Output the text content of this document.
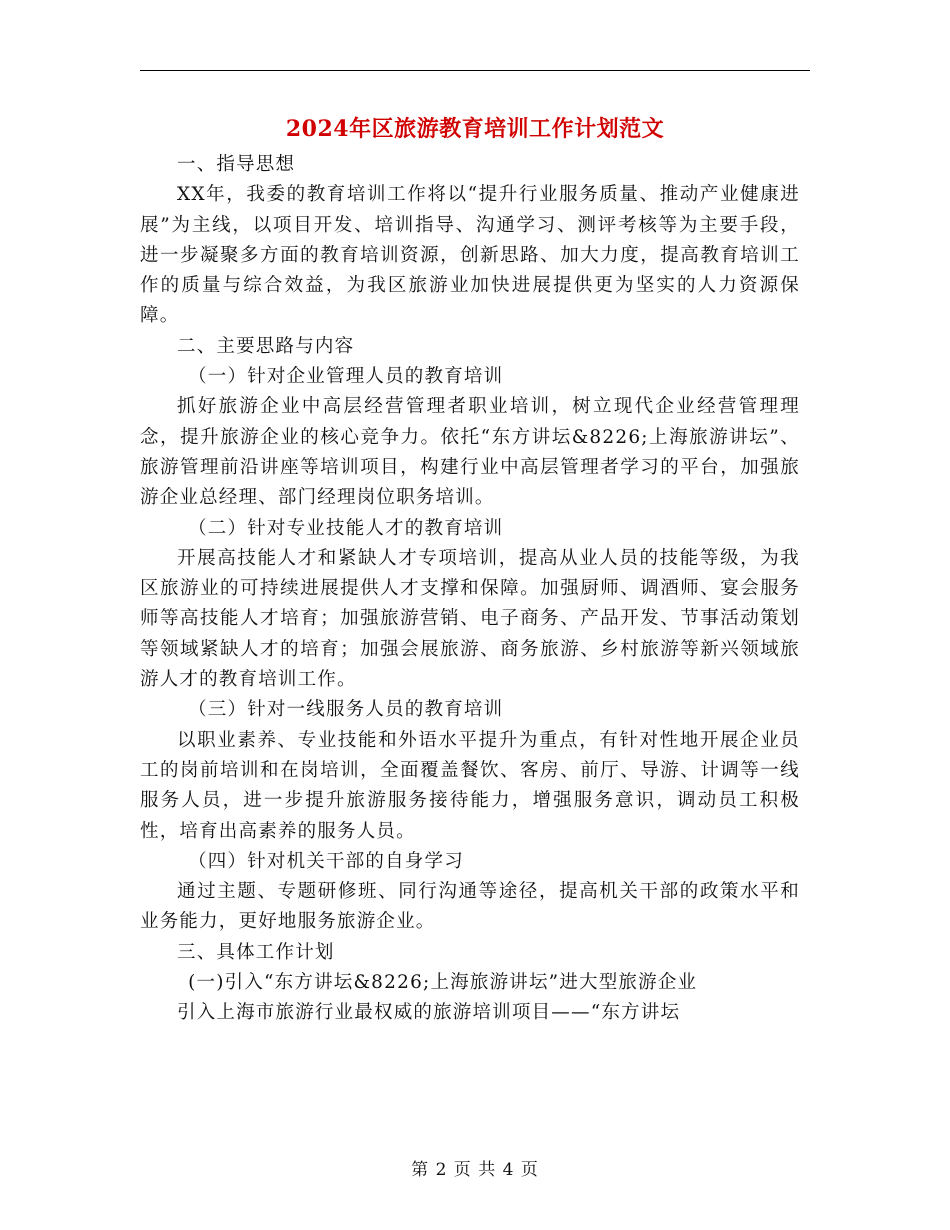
2024年区旅游教育培训工作计划范文

一、指导思想

XX年，我委的教育培训工作将以“提升行业服务质量、推动产业健康进展”为主线，以项目开发、培训指导、沟通学习、测评考核等为主要手段，进一步凝聚多方面的教育培训资源，创新思路、加大力度，提高教育培训工作的质量与综合效益，为我区旅游业加快进展提供更为坚实的人力资源保障。

二、主要思路与内容

（一）针对企业管理人员的教育培训

抓好旅游企业中高层经营管理者职业培训，树立现代企业经营管理理念，提升旅游企业的核心竞争力。依托“东方讲坛&8226;上海旅游讲坛”、旅游管理前沿讲座等培训项目，构建行业中高层管理者学习的平台，加强旅游企业总经理、部门经理岗位职务培训。

（二）针对专业技能人才的教育培训

开展高技能人才和紧缺人才专项培训，提高从业人员的技能等级，为我区旅游业的可持续进展提供人才支撑和保障。加强厨师、调酒师、宴会服务师等高技能人才培育；加强旅游营销、电子商务、产品开发、节事活动策划等领域紧缺人才的培育；加强会展旅游、商务旅游、乡村旅游等新兴领域旅游人才的教育培训工作。

（三）针对一线服务人员的教育培训

以职业素养、专业技能和外语水平提升为重点，有针对性地开展企业员工的岗前培训和在岗培训，全面覆盖餐饮、客房、前厅、导游、计调等一线服务人员，进一步提升旅游服务接待能力，增强服务意识，调动员工积极性，培育出高素养的服务人员。

（四）针对机关干部的自身学习

通过主题、专题研修班、同行沟通等途径，提高机关干部的政策水平和业务能力，更好地服务旅游企业。

三、具体工作计划

(一)引入“东方讲坛&8226;上海旅游讲坛”进大型旅游企业

引入上海市旅游行业最权威的旅游培训项目——“东方讲坛

第 2 页 共 4 页
